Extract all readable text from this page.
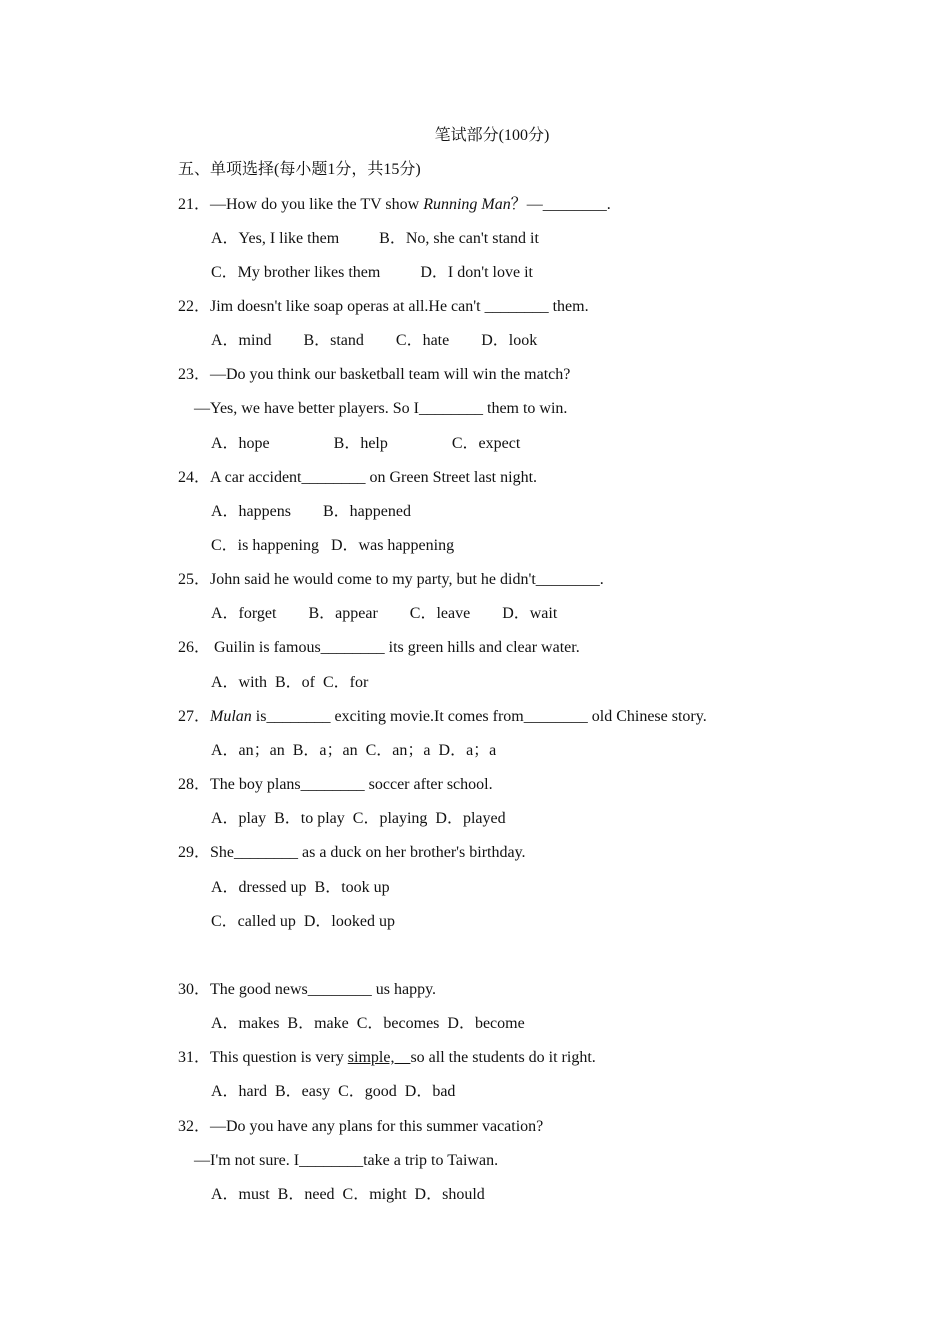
笔试部分(100分)
五、单项选择(每小题1分，共15分)
21．—How do you like the TV show Running Man？—________.
A．Yes, I like them          B．No, she can't stand it
C．My brother likes them          D．I don't love it
22．Jim doesn't like soap operas at all.He can't ________ them.
A．mind        B．stand        C．hate        D．look
23．—Do you think our basketball team will win the match?
—Yes, we have better players. So I________ them to win.
A．hope                B．help                C．expect
24．A car accident________ on Green Street last night.
A．happens        B．happened
C．is happening   D．was happening
25．John said he would come to my party, but he didn't________.
A．forget        B．appear        C．leave        D．wait
26． Guilin is famous________ its green hills and clear water.
A．with  B．of  C．for
27．Mulan is________ exciting movie.It comes from________ old Chinese story.
A．an；an  B．a；an  C．an；a  D．a；a
28．The boy plans________ soccer after school.
A．play  B．to play  C．playing  D．played
29．She________ as a duck on her brother's birthday.
A．dressed up  B．took up
C．called up  D．looked up
30．The good news________ us happy.
A．makes  B．make  C．becomes  D．become
31．This question is very simple,    so all the students do it right.
A．hard  B．easy  C．good  D．bad
32．—Do you have any plans for this summer vacation?
—I'm not sure. I________take a trip to Taiwan.
A．must  B．need  C．might  D．should
